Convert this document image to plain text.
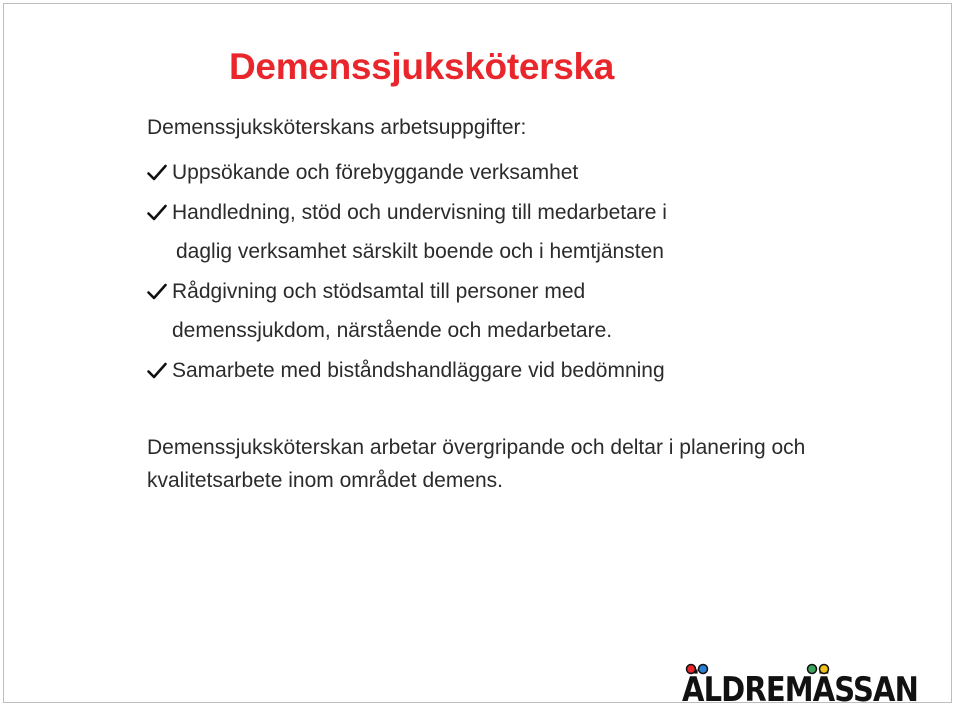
Demenssjuksköterska
Demenssjuksköterskans arbetsuppgifter:
Uppsökande och förebyggande verksamhet
Handledning, stöd och undervisning till medarbetare i
daglig verksamhet särskilt boende och i hemtjänsten
Rådgivning och stödsamtal till personer med
demenssjukdom, närstående och medarbetare.
Samarbete med biståndshandläggare vid bedömning

Demenssjuksköterskan arbetar övergripande och deltar i planering och kvalitetsarbete inom området demens.

ÄLDREMÄSSAN
